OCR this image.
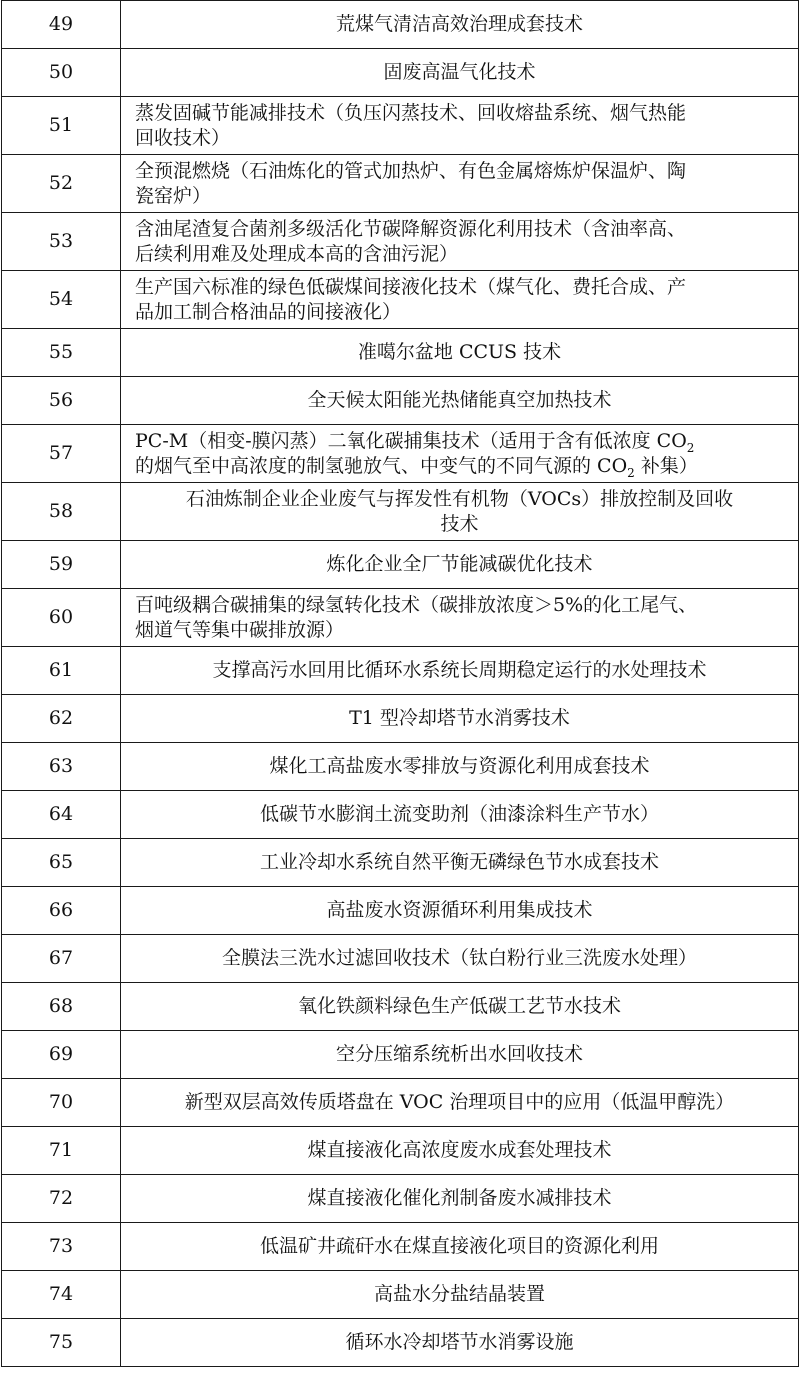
49	荒煤气清洁高效治理成套技术
50	固废高温气化技术
51	蒸发固碱节能减排技术（负压闪蒸技术、回收熔盐系统、烟气热能
回收技术）
52	全预混燃烧（石油炼化的管式加热炉、有色金属熔炼炉保温炉、陶
瓷窑炉）
53	含油尾渣复合菌剂多级活化节碳降解资源化利用技术（含油率高、
后续利用难及处理成本高的含油污泥）
54	生产国六标准的绿色低碳煤间接液化技术（煤气化、费托合成、产
品加工制合格油品的间接液化）
55	准噶尔盆地 CCUS 技术
56	全天候太阳能光热储能真空加热技术
57	PC-M（相变-膜闪蒸）二氧化碳捕集技术（适用于含有低浓度 $CO_2$
的烟气至中高浓度的制氢驰放气、中变气的不同气源的 $CO_2$ 补集）
58	石油炼制企业企业废气与挥发性有机物（VOCs）排放控制及回收
技术
59	炼化企业全厂节能减碳优化技术
60	百吨级耦合碳捕集的绿氢转化技术（碳排放浓度＞5%的化工尾气、
烟道气等集中碳排放源）
61	支撑高污水回用比循环水系统长周期稳定运行的水处理技术
62	T1 型冷却塔节水消雾技术
63	煤化工高盐废水零排放与资源化利用成套技术
64	低碳节水膨润土流变助剂（油漆涂料生产节水）
65	工业冷却水系统自然平衡无磷绿色节水成套技术
66	高盐废水资源循环利用集成技术
67	全膜法三洗水过滤回收技术（钛白粉行业三洗废水处理）
68	氧化铁颜料绿色生产低碳工艺节水技术
69	空分压缩系统析出水回收技术
70	新型双层高效传质塔盘在 VOC 治理项目中的应用（低温甲醇洗）
71	煤直接液化高浓度废水成套处理技术
72	煤直接液化催化剂制备废水减排技术
73	低温矿井疏矸水在煤直接液化项目的资源化利用
74	高盐水分盐结晶装置
75	循环水冷却塔节水消雾设施
